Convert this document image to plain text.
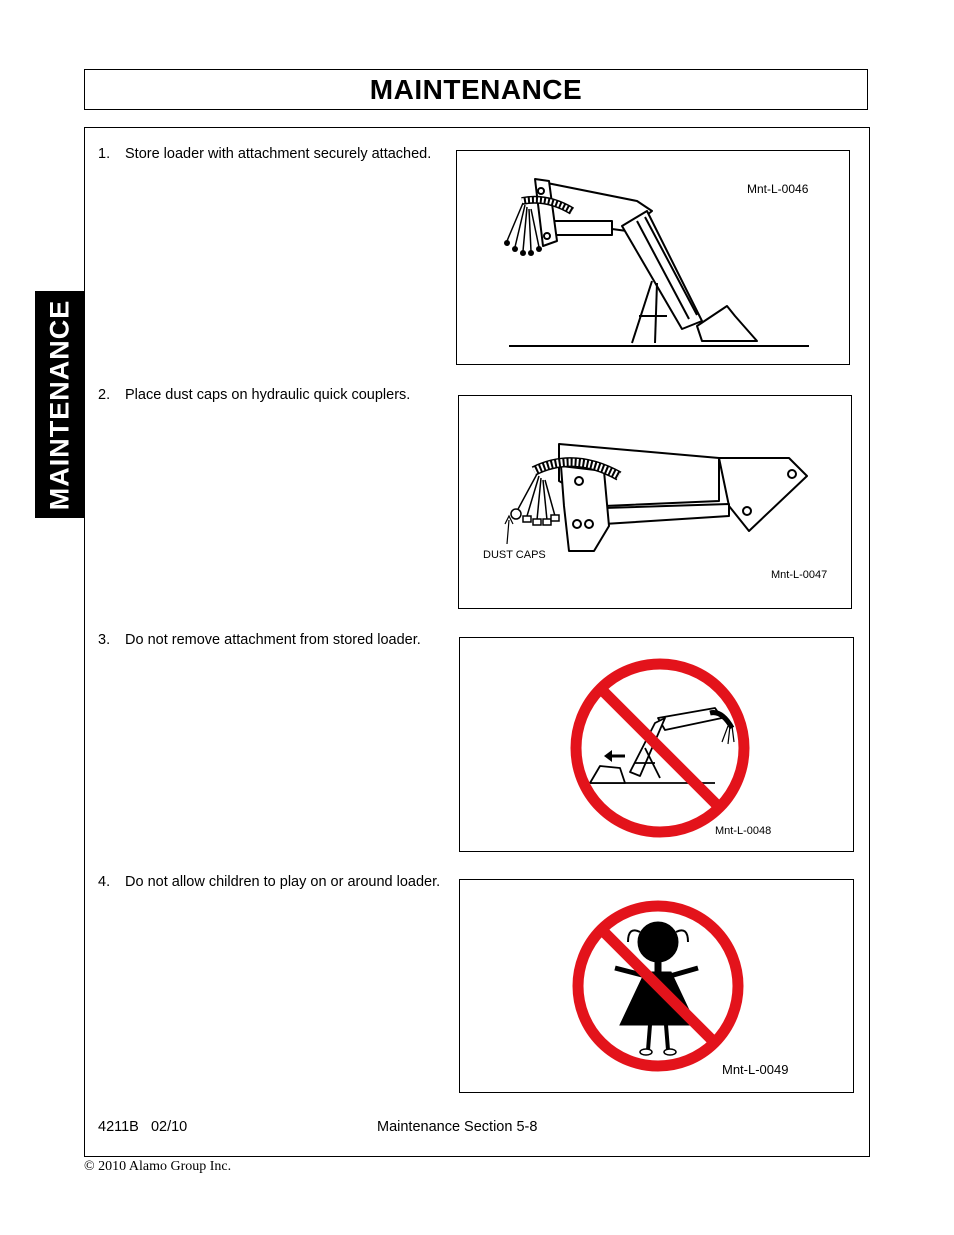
MAINTENANCE
MAINTENANCE
1. Store loader with attachment securely attached.
Mnt-L-0046
2. Place dust caps on hydraulic quick couplers.
DUST CAPS
Mnt-L-0047
3. Do not remove attachment from stored loader.
Mnt-L-0048
4. Do not allow children to play on or around loader.
Mnt-L-0049
4211B   02/10	Maintenance Section 5-8
© 2010 Alamo Group Inc.
